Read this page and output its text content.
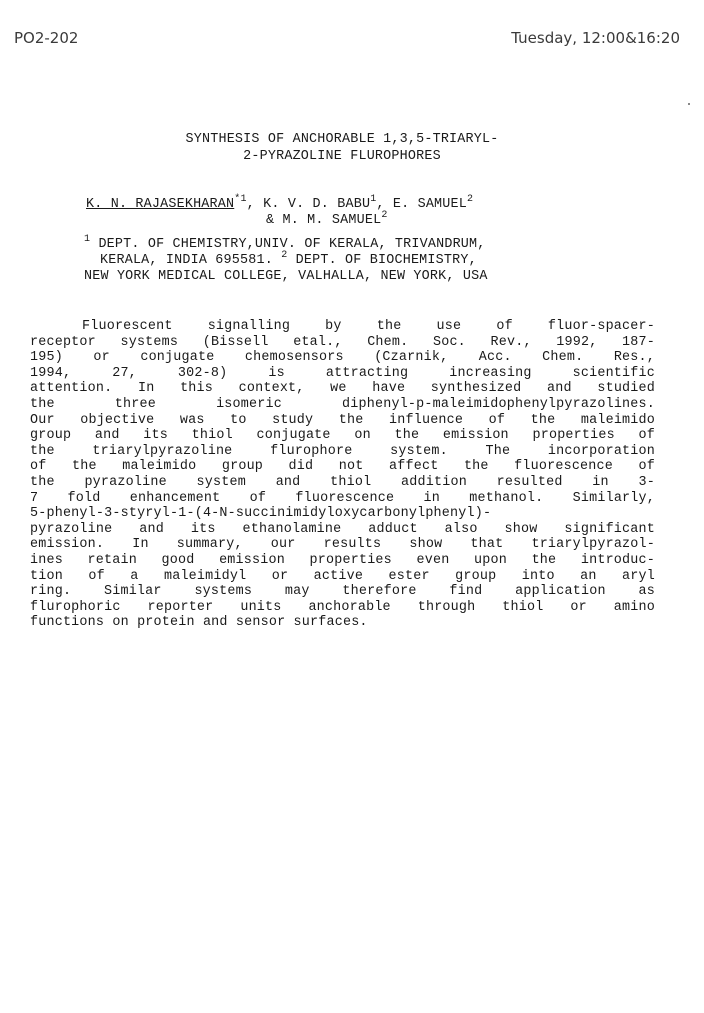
PO2-202	Tuesday, 12:00&16:20
SYNTHESIS OF ANCHORABLE 1,3,5-TRIARYL-
2-PYRAZOLINE FLUROPHORES
K. N. RAJASEKHARAN$^{*1}$, K. V. D. BABU$^1$, E. SAMUEL$^2$
& M. M. SAMUEL$^2$
$^1$ DEPT. OF CHEMISTRY,UNIV. OF KERALA, TRIVANDRUM,
KERALA, INDIA 695581. $^2$ DEPT. OF BIOCHEMISTRY,
NEW YORK MEDICAL COLLEGE, VALHALLA, NEW YORK, USA
Fluorescent signalling by the use of fluor-spacer-
receptor systems (Bissell etal., Chem. Soc. Rev., 1992, 187-
195) or conjugate chemosensors (Czarnik, Acc. Chem. Res.,
1994, 27, 302-8) is attracting increasing scientific
attention. In this context, we have synthesized and studied
the three isomeric diphenyl-p-maleimidophenylpyrazolines.
Our objective was to study the influence of the maleimido
group and its thiol conjugate on the emission properties of
the triarylpyrazoline flurophore system. The incorporation
of the maleimido group did not affect the fluorescence of
the pyrazoline system and thiol addition resulted in 3-
7 fold enhancement of fluorescence in methanol. Similarly,
5-phenyl-3-styryl-1-(4-N-succinimidyloxycarbonylphenyl)-
pyrazoline and its ethanolamine adduct also show significant
emission. In summary, our results show that triarylpyrazol-
ines retain good emission properties even upon the introduc-
tion of a maleimidyl or active ester group into an aryl
ring. Similar systems may therefore find application as
flurophoric reporter units anchorable through thiol or amino
functions on protein and sensor surfaces.
